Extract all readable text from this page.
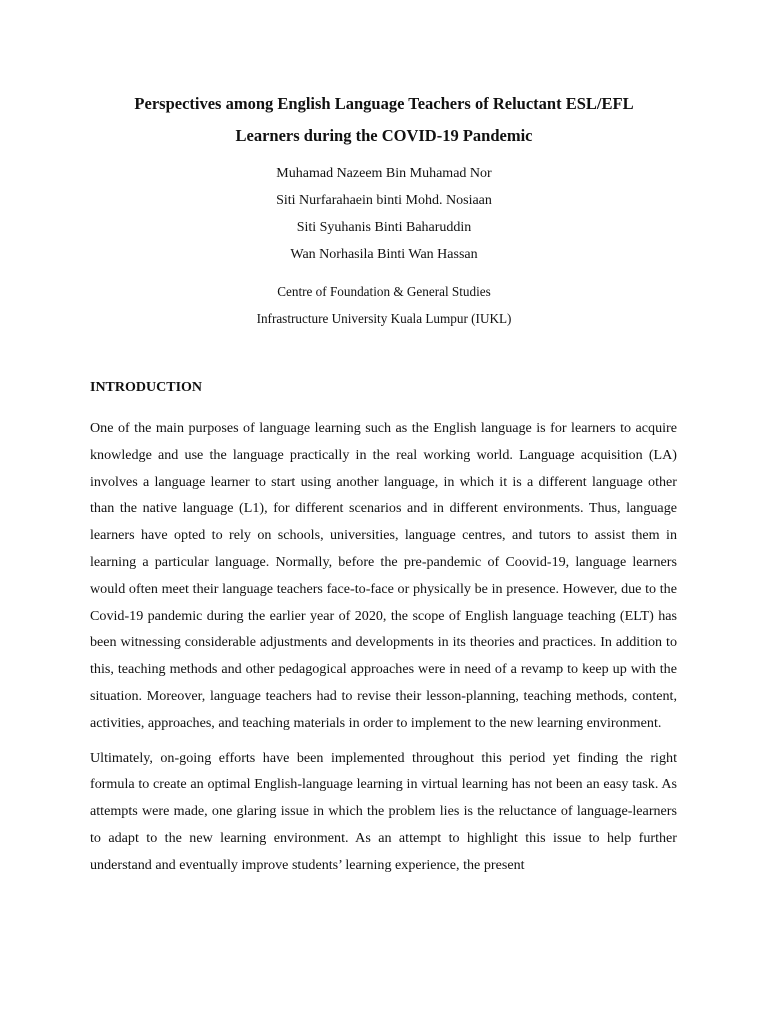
Perspectives among English Language Teachers of Reluctant ESL/EFL

Learners during the COVID-19 Pandemic

Muhamad Nazeem Bin Muhamad Nor
Siti Nurfarahaein binti Mohd. Nosiaan
Siti Syuhanis Binti Baharuddin
Wan Norhasila Binti Wan Hassan
Centre of Foundation & General Studies
Infrastructure University Kuala Lumpur (IUKL)
INTRODUCTION

One of the main purposes of language learning such as the English language is for learners to acquire knowledge and use the language practically in the real working world. Language acquisition (LA) involves a language learner to start using another language, in which it is a different language other than the native language (L1), for different scenarios and in different environments. Thus, language learners have opted to rely on schools, universities, language centres, and tutors to assist them in learning a particular language. Normally, before the pre-pandemic of Coovid-19, language learners would often meet their language teachers face-to-face or physically be in presence. However, due to the Covid-19 pandemic during the earlier year of 2020, the scope of English language teaching (ELT) has been witnessing considerable adjustments and developments in its theories and practices. In addition to this, teaching methods and other pedagogical approaches were in need of a revamp to keep up with the situation. Moreover, language teachers had to revise their lesson-planning, teaching methods, content, activities, approaches, and teaching materials in order to implement to the new learning environment.

Ultimately, on-going efforts have been implemented throughout this period yet finding the right formula to create an optimal English-language learning in virtual learning has not been an easy task. As attempts were made, one glaring issue in which the problem lies is the reluctance of language-learners to adapt to the new learning environment. As an attempt to highlight this issue to help further understand and eventually improve students’ learning experience, the present
